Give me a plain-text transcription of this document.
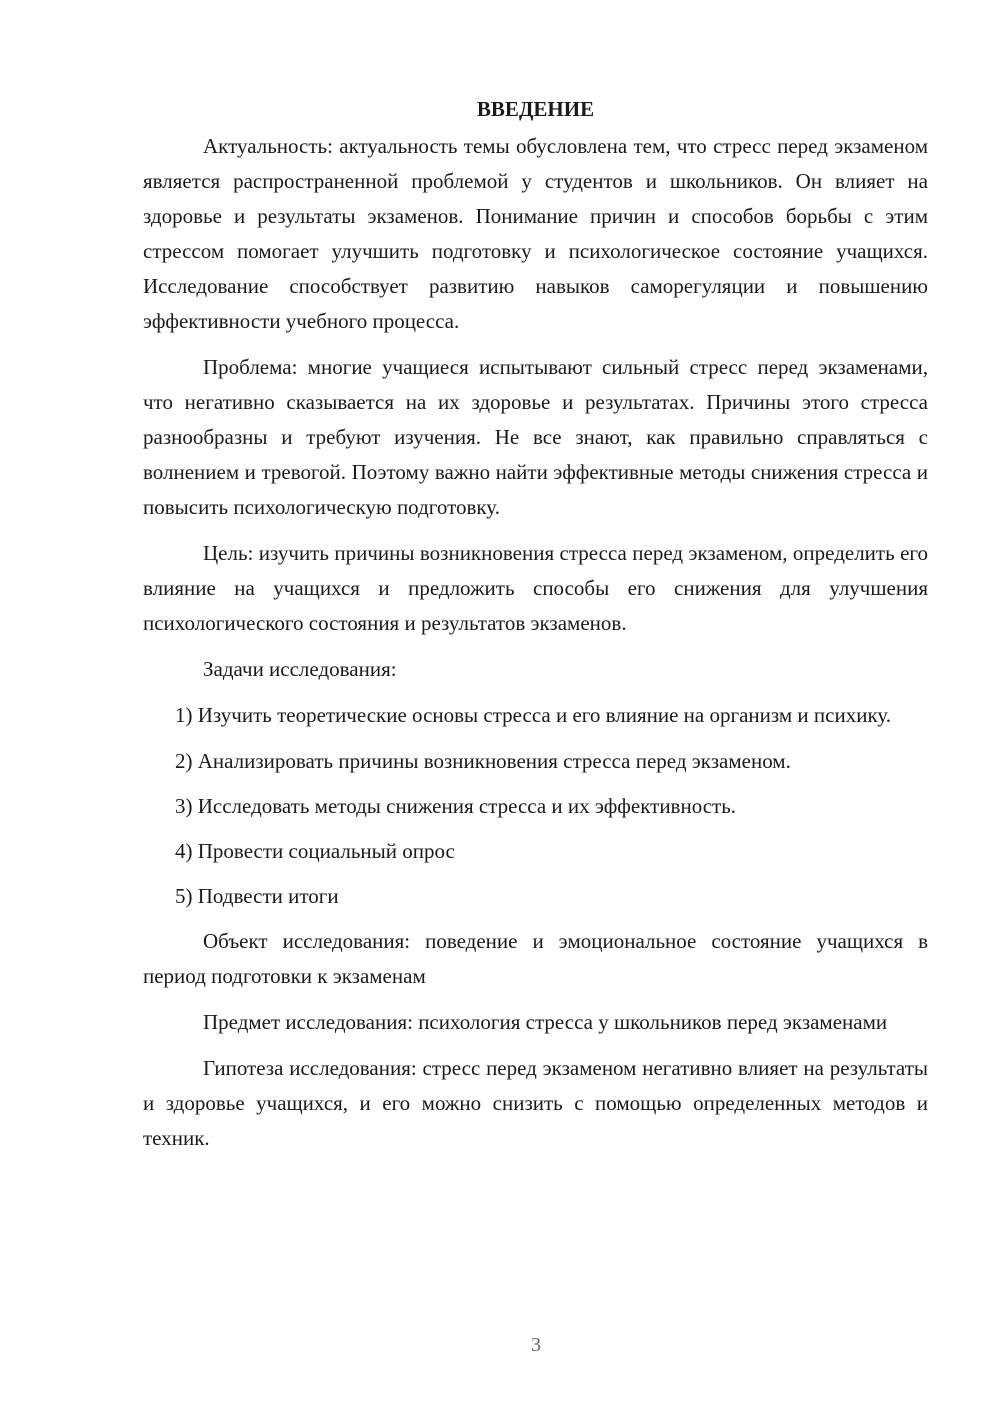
ВВЕДЕНИЕ

Актуальность: актуальность темы обусловлена тем, что стресс перед экзаменом является распространенной проблемой у студентов и школьников. Он влияет на здоровье и результаты экзаменов. Понимание причин и способов борьбы с этим стрессом помогает улучшить подготовку и психологическое состояние учащихся. Исследование способствует развитию навыков саморегуляции и повышению эффективности учебного процесса.

Проблема: многие учащиеся испытывают сильный стресс перед экзаменами, что негативно сказывается на их здоровье и результатах. Причины этого стресса разнообразны и требуют изучения. Не все знают, как правильно справляться с волнением и тревогой. Поэтому важно найти эффективные методы снижения стресса и повысить психологическую подготовку.

Цель: изучить причины возникновения стресса перед экзаменом, определить его влияние на учащихся и предложить способы его снижения для улучшения психологического состояния и результатов экзаменов.

Задачи исследования:

1) Изучить теоретические основы стресса и его влияние на организм и психику.

2) Анализировать причины возникновения стресса перед экзаменом.

3) Исследовать методы снижения стресса и их эффективность.

4) Провести социальный опрос

5) Подвести итоги

Объект исследования: поведение и эмоциональное состояние учащихся в период подготовки к экзаменам

Предмет исследования: психология стресса у школьников перед экзаменами

Гипотеза исследования: стресс перед экзаменом негативно влияет на результаты и здоровье учащихся, и его можно снизить с помощью определенных методов и техник.

3
